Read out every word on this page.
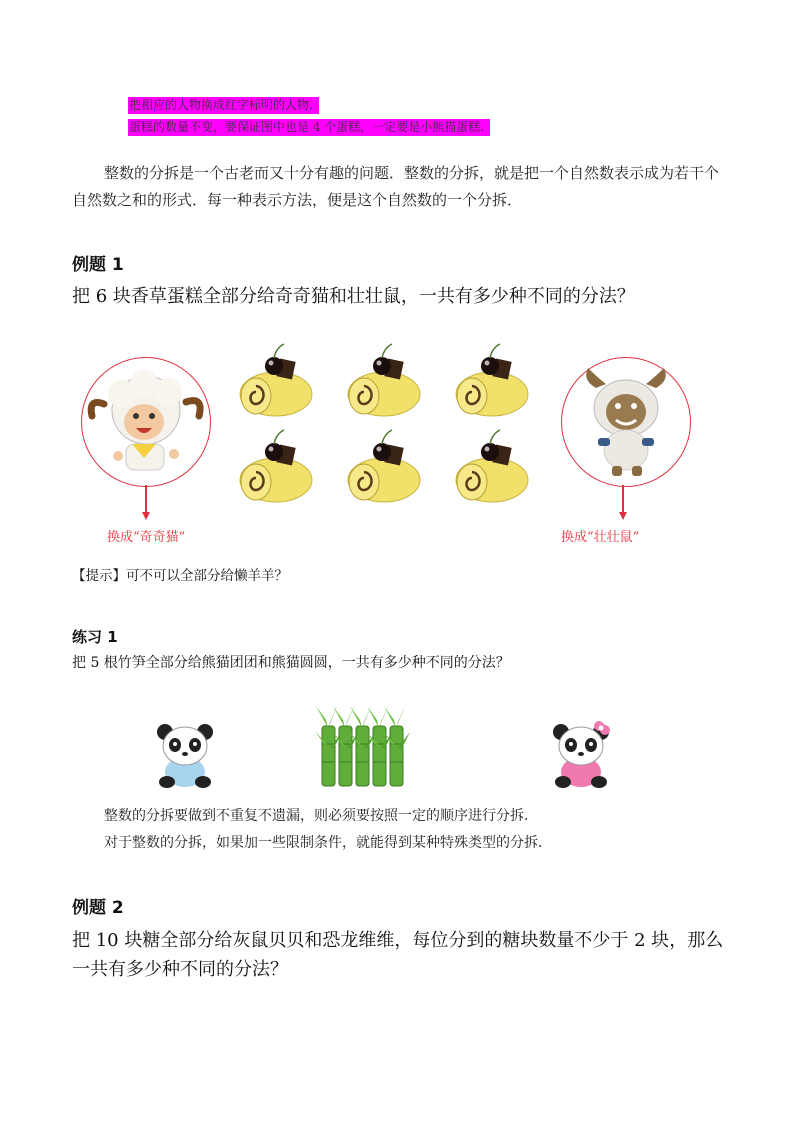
把相应的人物换成红字标明的人物.
蛋糕的数量不变，要保证图中也是 4 个蛋糕，一定要是小熊猫蛋糕.
整数的分拆是一个古老而又十分有趣的问题．整数的分拆，就是把一个自然数表示成为若干个自然数之和的形式．每一种表示方法，便是这个自然数的一个分拆．
例题 1
把 6 块香草蛋糕全部分给奇奇猫和壮壮鼠，一共有多少种不同的分法？
换成“奇奇猫”	换成“壮壮鼠”
【提示】可不可以全部分给懒羊羊？
练习 1
把 5 根竹笋全部分给熊猫团团和熊猫圆圆，一共有多少种不同的分法？
整数的分拆要做到不重复不遗漏，则必须要按照一定的顺序进行分拆．
对于整数的分拆，如果加一些限制条件，就能得到某种特殊类型的分拆．
例题 2
把 10 块糖全部分给灰鼠贝贝和恐龙维维，每位分到的糖块数量不少于 2 块，那么一共有多少种不同的分法？
